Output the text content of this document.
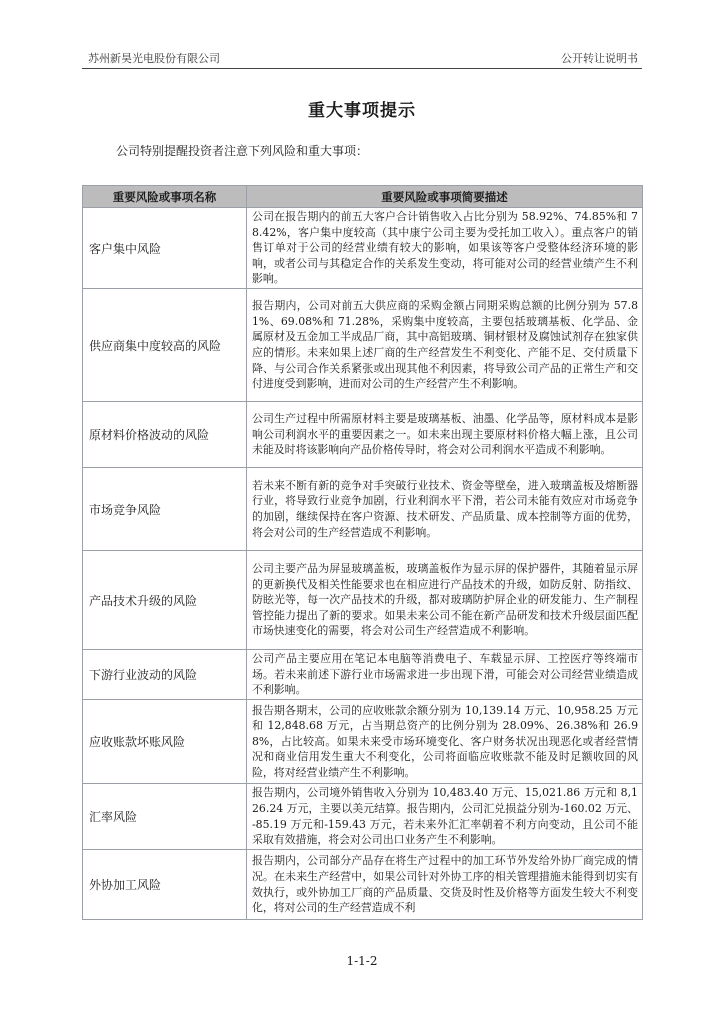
苏州新昊光电股份有限公司	公开转让说明书
重大事项提示
公司特别提醒投资者注意下列风险和重大事项：
重要风险或事项名称	重要风险或事项简要描述
客户集中风险	公司在报告期内的前五大客户合计销售收入占比分别为 58.92%、74.85%和 78.42%，客户集中度较高（其中康宁公司主要为受托加工收入）。重点客户的销售订单对于公司的经营业绩有较大的影响，如果该等客户受整体经济环境的影响，或者公司与其稳定合作的关系发生变动，将可能对公司的经营业绩产生不利影响。
供应商集中度较高的风险	报告期内，公司对前五大供应商的采购金额占同期采购总额的比例分别为 57.81%、69.08%和 71.28%，采购集中度较高，主要包括玻璃基板、化学品、金属原材及五金加工半成品厂商，其中高铝玻璃、铜材银材及腐蚀试剂存在独家供应的情形。未来如果上述厂商的生产经营发生不利变化、产能不足、交付质量下降、与公司合作关系紧张或出现其他不利因素，将导致公司产品的正常生产和交付进度受到影响，进而对公司的生产经营产生不利影响。
原材料价格波动的风险	公司生产过程中所需原材料主要是玻璃基板、油墨、化学品等，原材料成本是影响公司利润水平的重要因素之一。如未来出现主要原材料价格大幅上涨，且公司未能及时将该影响向产品价格传导时，将会对公司利润水平造成不利影响。
市场竞争风险	若未来不断有新的竞争对手突破行业技术、资金等壁垒，进入玻璃盖板及熔断器行业，将导致行业竞争加剧，行业利润水平下滑，若公司未能有效应对市场竞争的加剧，继续保持在客户资源、技术研发、产品质量、成本控制等方面的优势，将会对公司的生产经营造成不利影响。
产品技术升级的风险	公司主要产品为屏显玻璃盖板，玻璃盖板作为显示屏的保护器件，其随着显示屏的更新换代及相关性能要求也在相应进行产品技术的升级，如防反射、防指纹、防眩光等，每一次产品技术的升级，都对玻璃防护屏企业的研发能力、生产制程管控能力提出了新的要求。如果未来公司不能在新产品研发和技术升级层面匹配市场快速变化的需要，将会对公司生产经营造成不利影响。
下游行业波动的风险	公司产品主要应用在笔记本电脑等消费电子、车载显示屏、工控医疗等终端市场。若未来前述下游行业市场需求进一步出现下滑，可能会对公司经营业绩造成不利影响。
应收账款坏账风险	报告期各期末，公司的应收账款余额分别为 10,139.14 万元、10,958.25 万元和 12,848.68 万元，占当期总资产的比例分别为 28.09%、26.38%和 26.98%，占比较高。如果未来受市场环境变化、客户财务状况出现恶化或者经营情况和商业信用发生重大不利变化，公司将面临应收账款不能及时足额收回的风险，将对经营业绩产生不利影响。
汇率风险	报告期内，公司境外销售收入分别为 10,483.40 万元、15,021.86 万元和 8,126.24 万元，主要以美元结算。报告期内，公司汇兑损益分别为-160.02 万元、-85.19 万元和-159.43 万元，若未来外汇汇率朝着不利方向变动，且公司不能采取有效措施，将会对公司出口业务产生不利影响。
外协加工风险	报告期内，公司部分产品存在将生产过程中的加工环节外发给外协厂商完成的情况。在未来生产经营中，如果公司针对外协工序的相关管理措施未能得到切实有效执行，或外协加工厂商的产品质量、交货及时性及价格等方面发生较大不利变化，将对公司的生产经营造成不利
1-1-2
